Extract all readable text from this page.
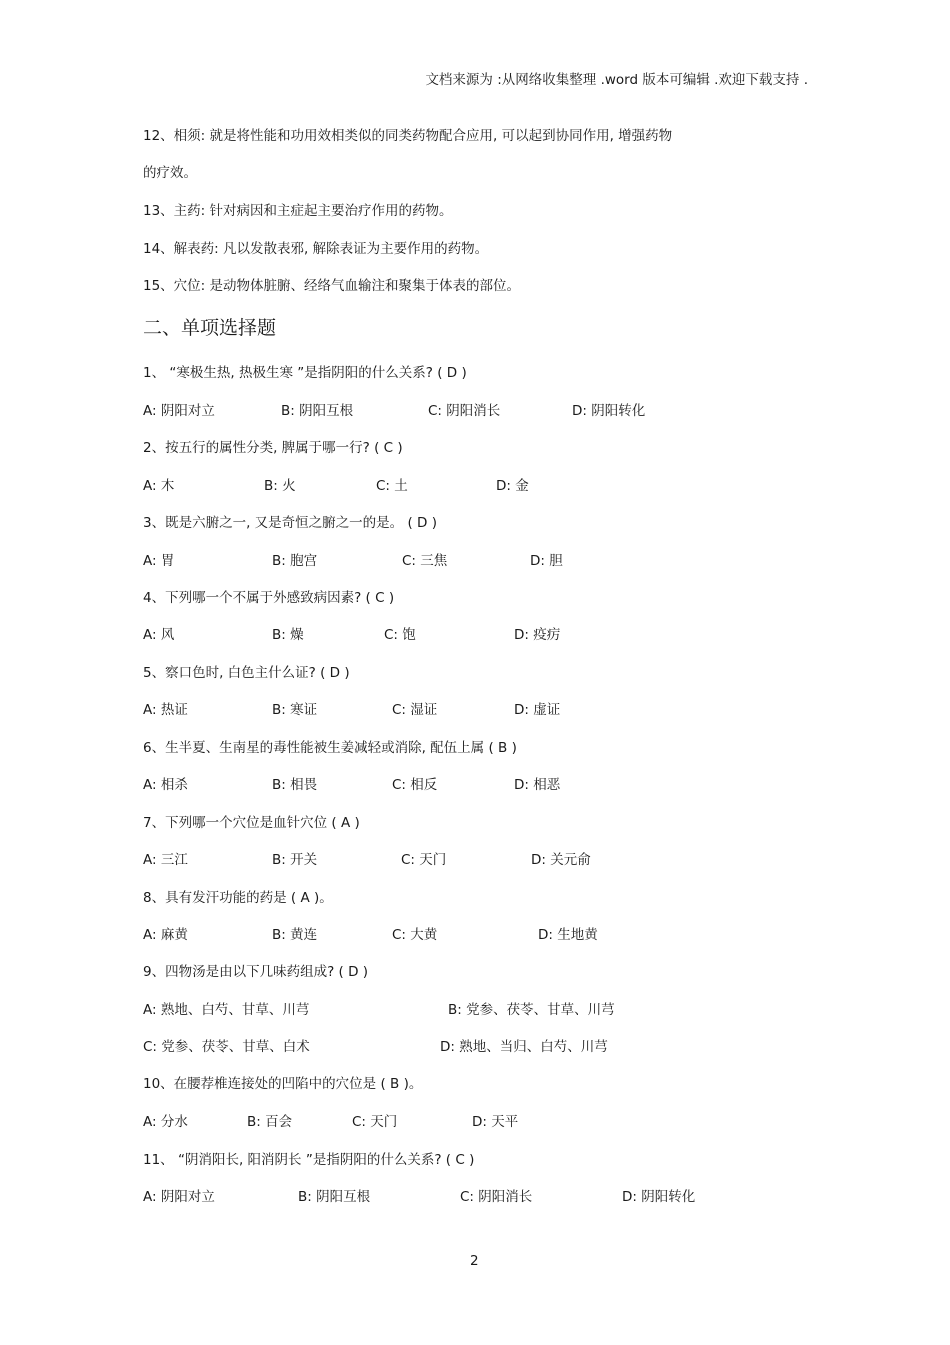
文档来源为 :从网络收集整理 .word 版本可编辑 .欢迎下载支持 .
12、相须: 就是将性能和功用效相类似的同类药物配合应用, 可以起到协同作用, 增强药物
的疗效。
13、主药: 针对病因和主症起主要治疗作用的药物。
14、解表药: 凡以发散表邪, 解除表证为主要作用的药物。
15、穴位: 是动物体脏腑、经络气血输注和聚集于体表的部位。
二、单项选择题
1、 “寒极生热, 热极生寒 ”是指阴阳的什么关系? ( D )
A: 阴阳对立	B: 阴阳互根	C: 阴阳消长	D: 阴阳转化
2、按五行的属性分类, 脾属于哪一行? ( C )
A: 木	B: 火	C: 土	D: 金
3、既是六腑之一, 又是奇恒之腑之一的是。 ( D )
A: 胃	B: 胞宫	C: 三焦	D: 胆
4、下列哪一个不属于外感致病因素? ( C )
A: 风	B: 燥	C: 饱	D: 疫疠
5、察口色时, 白色主什么证? ( D )
A: 热证	B: 寒证	C: 湿证	D: 虚证
6、生半夏、生南星的毒性能被生姜减轻或消除, 配伍上属 ( B )
A: 相杀	B: 相畏	C: 相反	D: 相恶
7、下列哪一个穴位是血针穴位 ( A )
A: 三江	B: 开关	C: 天门	D: 关元俞
8、具有发汗功能的药是 ( A )。
A: 麻黄	B: 黄连	C: 大黄	D: 生地黄
9、四物汤是由以下几味药组成? ( D )
A: 熟地、白芍、甘草、川芎	B: 党参、茯苓、甘草、川芎
C: 党参、茯苓、甘草、白术	D: 熟地、当归、白芍、川芎
10、在腰荐椎连接处的凹陷中的穴位是 ( B )。
A: 分水	B: 百会	C: 天门	D: 天平
11、 “阴消阳长, 阳消阴长 ”是指阴阳的什么关系? ( C )
A: 阴阳对立	B: 阴阳互根	C: 阴阳消长	D: 阴阳转化
2
